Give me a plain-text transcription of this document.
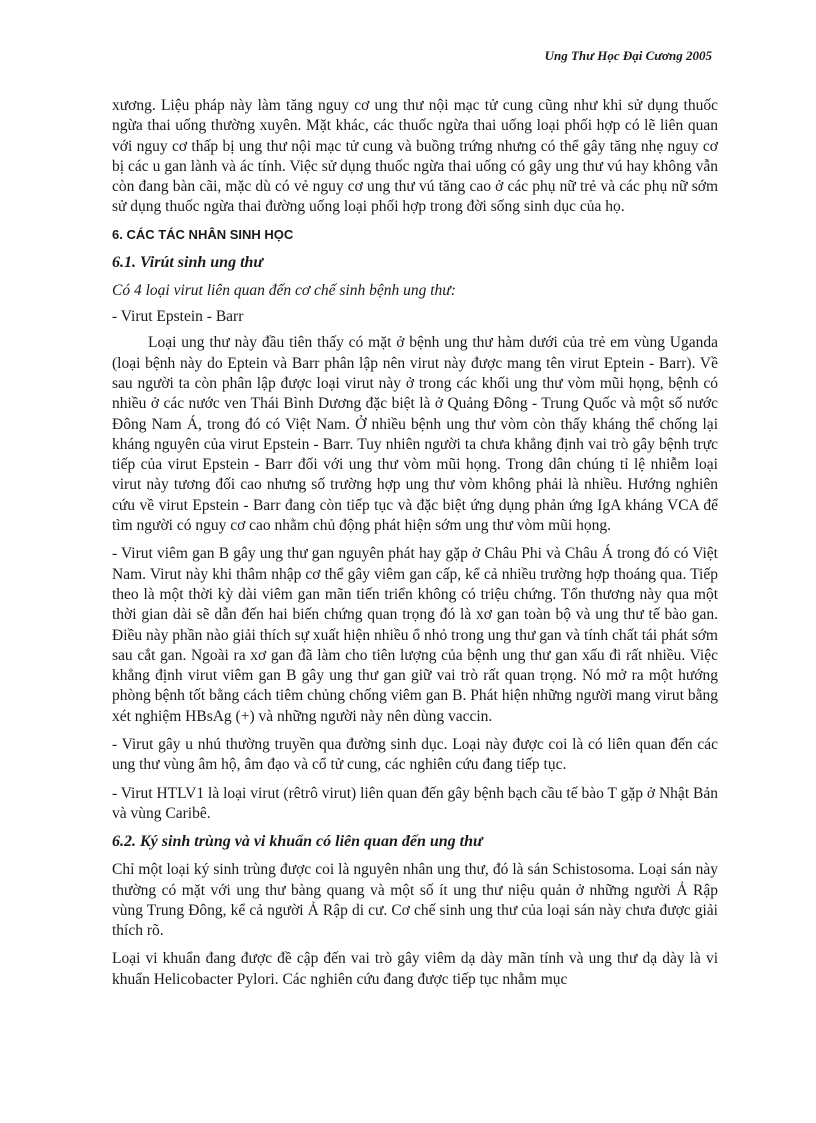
Ung Thư Học Đại Cương 2005

xương. Liệu pháp này làm tăng nguy cơ ung thư nội mạc tử cung cũng như khi sử dụng thuốc ngừa thai uống thường xuyên. Mặt khác, các thuốc ngừa thai uống loại phối hợp có lẽ liên quan với nguy cơ thấp bị ung thư nội mạc tử cung và buồng trứng nhưng có thể gây tăng nhẹ nguy cơ bị các u gan lành và ác tính. Việc sử dụng thuốc ngừa thai uống có gây ung thư vú hay không vẫn còn đang bàn cãi, mặc dù có vẻ nguy cơ ung thư vú tăng cao ở các phụ nữ trẻ và các phụ nữ sớm sử dụng thuốc ngừa thai đường uống loại phối hợp trong đời sống sinh dục của họ.

6. CÁC TÁC NHÂN SINH HỌC
6.1. Virút sinh ung thư

Có 4 loại virut liên quan đến cơ chế sinh bệnh ung thư:

- Virut Epstein - Barr

Loại ung thư này đầu tiên thấy có mặt ở bệnh ung thư hàm dưới của trẻ em vùng Uganda (loại bệnh này do Eptein và Barr phân lập nên virut này được mang tên virut Eptein - Barr). Về sau người ta còn phân lập được loại virut này ở trong các khối ung thư vòm mũi họng, bệnh có nhiều ở các nước ven Thái Bình Dương đặc biệt là ở Quảng Đông - Trung Quốc và một số nước Đông Nam Á, trong đó có Việt Nam. Ở nhiều bệnh ung thư vòm còn thấy kháng thể chống lại kháng nguyên của virut Epstein - Barr. Tuy nhiên người ta chưa khẳng định vai trò gây bệnh trực tiếp của virut Epstein - Barr đối với ung thư vòm mũi họng. Trong dân chúng tỉ lệ nhiễm loại virut này tương đối cao nhưng số trường hợp ung thư vòm không phải là nhiều. Hướng nghiên cứu về virut Epstein - Barr đang còn tiếp tục và đặc biệt ứng dụng phản ứng IgA kháng VCA để tìm người có nguy cơ cao nhằm chủ động phát hiện sớm ung thư vòm mũi họng.

- Virut viêm gan B gây ung thư gan nguyên phát hay gặp ở Châu Phi và Châu Á trong đó có Việt Nam. Virut này khi thâm nhập cơ thể gây viêm gan cấp, kể cả nhiều trường hợp thoáng qua. Tiếp theo là một thời kỳ dài viêm gan mãn tiến triển không có triệu chứng. Tổn thương này qua một thời gian dài sẽ dẫn đến hai biến chứng quan trọng đó là xơ gan toàn bộ và ung thư tế bào gan. Điều này phần nào giải thích sự xuất hiện nhiều ổ nhỏ trong ung thư gan và tính chất tái phát sớm sau cắt gan. Ngoài ra xơ gan đã làm cho tiên lượng của bệnh ung thư gan xấu đi rất nhiều. Việc khẳng định virut viêm gan B gây ung thư gan giữ vai trò rất quan trọng. Nó mở ra một hướng phòng bệnh tốt bằng cách tiêm chủng chống viêm gan B. Phát hiện những người mang virut bằng xét nghiệm HBsAg (+) và những người này nên dùng vaccin.

- Virut gây u nhú thường truyền qua đường sinh dục. Loại này được coi là có liên quan đến các ung thư vùng âm hộ, âm đạo và cổ tử cung, các nghiên cứu đang tiếp tục.

- Virut HTLV1 là loại virut (rêtrô virut) liên quan đến gây bệnh bạch cầu tế bào T gặp ở Nhật Bản và vùng Caribê.

6.2. Ký sinh trùng và vi khuẩn có liên quan đến ung thư

Chỉ một loại ký sinh trùng được coi là nguyên nhân ung thư, đó là sán Schistosoma. Loại sán này thường có mặt với ung thư bàng quang và một số ít ung thư niệu quản ở những người Ả Rập vùng Trung Đông, kể cả người Ả Rập di cư. Cơ chế sinh ung thư của loại sán này chưa được giải thích rõ.

Loại vi khuẩn đang được đề cập đến vai trò gây viêm dạ dày mãn tính và ung thư dạ dày là vi khuẩn Helicobacter Pylori. Các nghiên cứu đang được tiếp tục nhằm mục
